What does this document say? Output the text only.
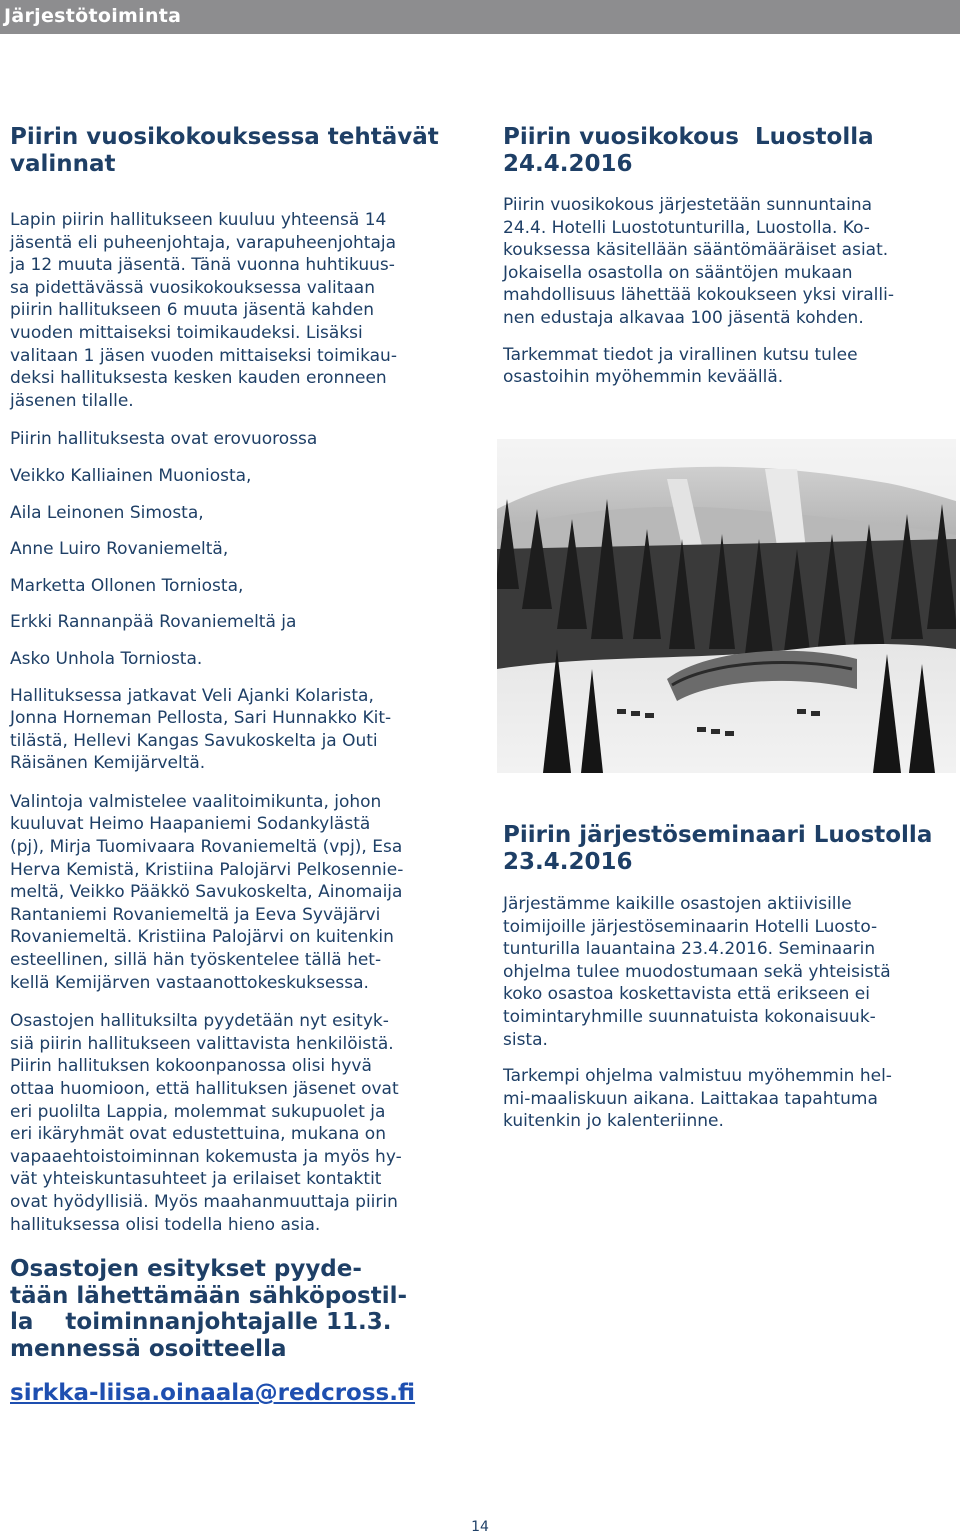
Järjestötoiminta
Piirin vuosikokouksessa tehtävät
valinnat

Lapin piirin hallitukseen kuuluu yhteensä 14
jäsentä eli puheenjohtaja, varapuheenjohtaja
ja 12 muuta jäsentä. Tänä vuonna huhtikuus-
sa pidettävässä vuosikokouksessa valitaan
piirin hallitukseen 6 muuta jäsentä kahden
vuoden mittaiseksi toimikaudeksi. Lisäksi
valitaan 1 jäsen vuoden mittaiseksi toimikau-
deksi hallituksesta kesken kauden eronneen
jäsenen tilalle.

Piirin hallituksesta ovat erovuorossa

Veikko Kalliainen Muoniosta,

Aila Leinonen Simosta,

Anne Luiro Rovaniemeltä,

Marketta Ollonen Torniosta,

Erkki Rannanpää Rovaniemeltä ja

Asko Unhola Torniosta.

Hallituksessa jatkavat Veli Ajanki Kolarista,
Jonna Horneman Pellosta, Sari Hunnakko Kit-
tilästä, Hellevi Kangas Savukoskelta ja Outi
Räisänen Kemijärveltä.

Valintoja valmistelee vaalitoimikunta, johon
kuuluvat Heimo Haapaniemi Sodankylästä
(pj), Mirja Tuomivaara Rovaniemeltä (vpj), Esa
Herva Kemistä, Kristiina Palojärvi Pelkosennie-
meltä, Veikko Pääkkö Savukoskelta, Ainomaija
Rantaniemi Rovaniemeltä ja Eeva Syväjärvi
Rovaniemeltä. Kristiina Palojärvi on kuitenkin
esteellinen, sillä hän työskentelee tällä het-
kellä Kemijärven vastaanottokeskuksessa.

Osastojen hallituksilta pyydetään nyt esityk-
siä piirin hallitukseen valittavista henkilöistä.
Piirin hallituksen kokoonpanossa olisi hyvä
ottaa huomioon, että hallituksen jäsenet ovat
eri puolilta Lappia, molemmat sukupuolet ja
eri ikäryhmät ovat edustettuina, mukana on
vapaaehtoistoiminnan kokemusta ja myös hy-
vät yhteiskuntasuhteet ja erilaiset kontaktit
ovat hyödyllisiä. Myös maahanmuuttaja piirin
hallituksessa olisi todella hieno asia.

Osastojen esitykset pyyde-
tään lähettämään sähköpostil-
la    toiminnanjohtajalle 11.3.
mennessä osoitteella
sirkka-liisa.oinaala@redcross.fi
Piirin vuosikokous  Luostolla
24.4.2016

Piirin vuosikokous järjestetään sunnuntaina
24.4. Hotelli Luostotunturilla, Luostolla. Ko-
kouksessa käsitellään sääntömääräiset asiat.
Jokaisella osastolla on sääntöjen mukaan
mahdollisuus lähettää kokoukseen yksi viralli-
nen edustaja alkavaa 100 jäsentä kohden.

Tarkemmat tiedot ja virallinen kutsu tulee
osastoihin myöhemmin keväällä.

Piirin järjestöseminaari Luostolla
23.4.2016

Järjestämme kaikille osastojen aktiivisille
toimijoille järjestöseminaarin Hotelli Luosto-
tunturilla lauantaina 23.4.2016. Seminaarin
ohjelma tulee muodostumaan sekä yhteisistä
koko osastoa koskettavista että erikseen ei
toimintaryhmille suunnatuista kokonaisuuk-
sista.

Tarkempi ohjelma valmistuu myöhemmin hel-
mi-maaliskuun aikana. Laittakaa tapahtuma
kuitenkin jo kalenteriinne.

14
